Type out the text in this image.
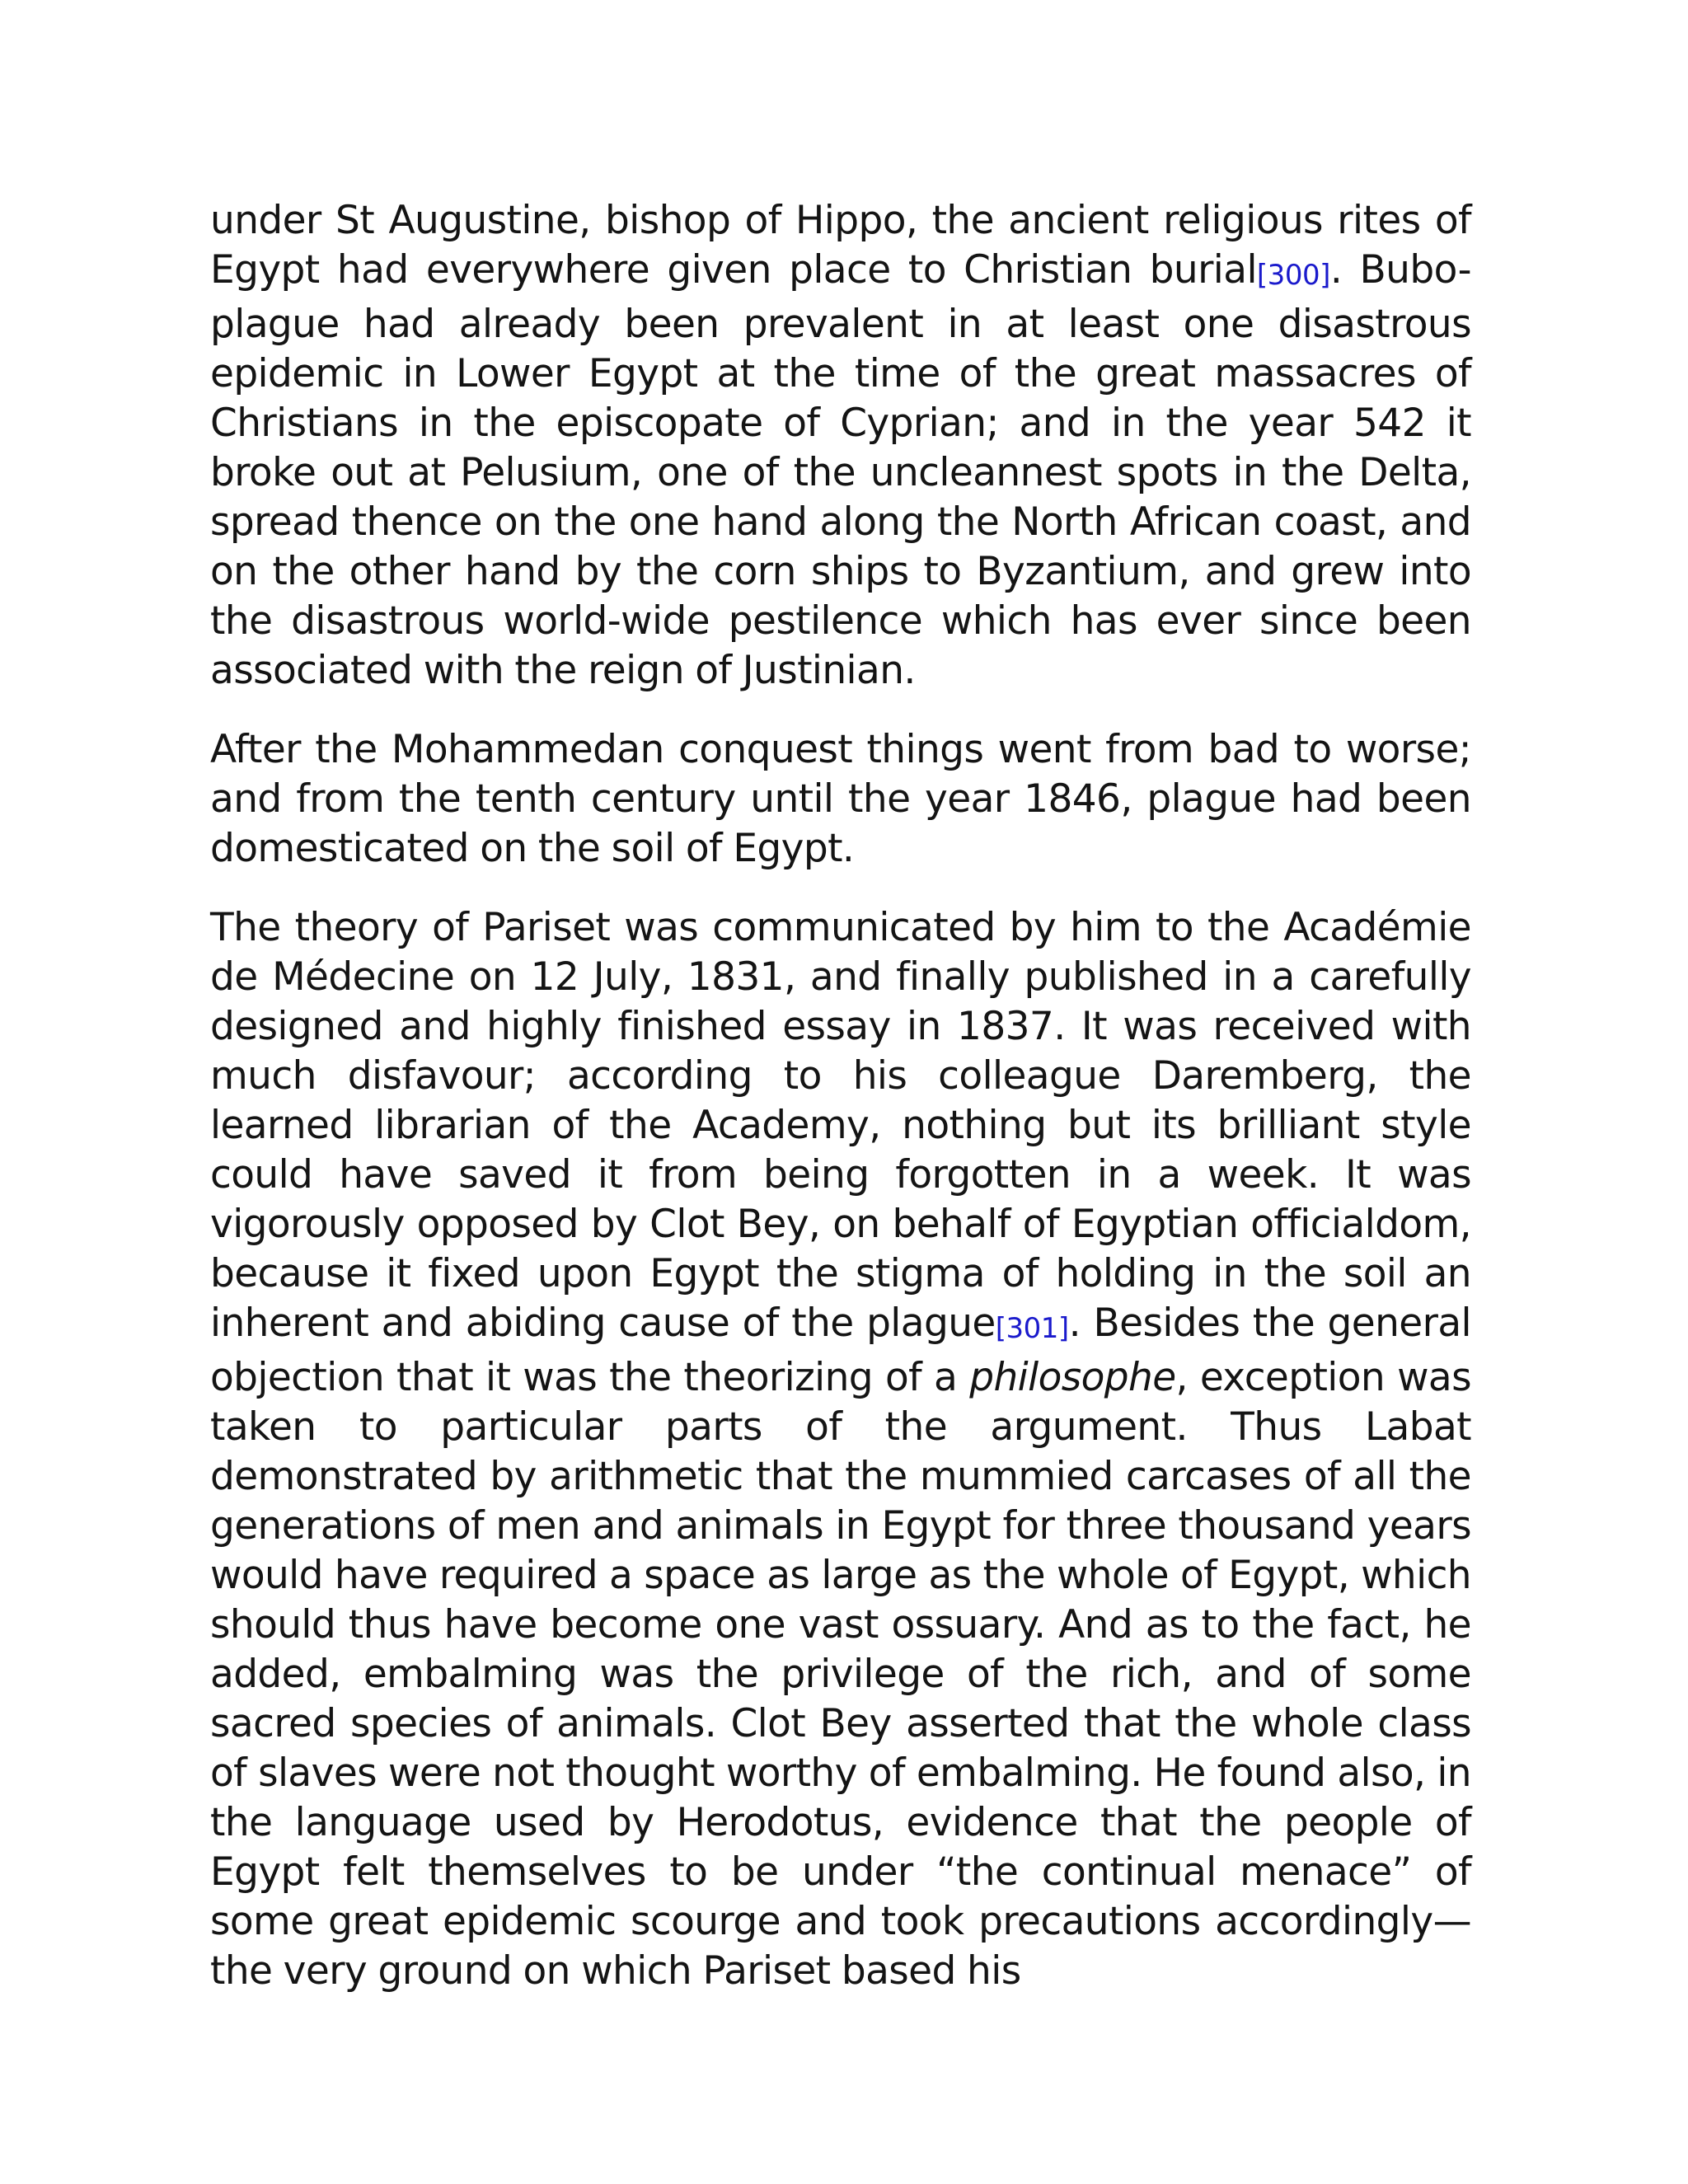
under St Augustine, bishop of Hippo, the ancient religious rites of Egypt had everywhere given place to Christian burial[300]. Bubo-plague had already been prevalent in at least one disastrous epidemic in Lower Egypt at the time of the great massacres of Christians in the episcopate of Cyprian; and in the year 542 it broke out at Pelusium, one of the uncleannest spots in the Delta, spread thence on the one hand along the North African coast, and on the other hand by the corn ships to Byzantium, and grew into the disastrous world-wide pestilence which has ever since been associated with the reign of Justinian.

After the Mohammedan conquest things went from bad to worse; and from the tenth century until the year 1846, plague had been domesticated on the soil of Egypt.

The theory of Pariset was communicated by him to the Académie de Médecine on 12 July, 1831, and finally published in a carefully designed and highly finished essay in 1837. It was received with much disfavour; according to his colleague Daremberg, the learned librarian of the Academy, nothing but its brilliant style could have saved it from being forgotten in a week. It was vigorously opposed by Clot Bey, on behalf of Egyptian officialdom, because it fixed upon Egypt the stigma of holding in the soil an inherent and abiding cause of the plague[301]. Besides the general objection that it was the theorizing of a philosophe, exception was taken to particular parts of the argument. Thus Labat demonstrated by arithmetic that the mummied carcases of all the generations of men and animals in Egypt for three thousand years would have required a space as large as the whole of Egypt, which should thus have become one vast ossuary. And as to the fact, he added, embalming was the privilege of the rich, and of some sacred species of animals. Clot Bey asserted that the whole class of slaves were not thought worthy of embalming. He found also, in the language used by Herodotus, evidence that the people of Egypt felt themselves to be under “the continual menace” of some great epidemic scourge and took precautions accordingly—the very ground on which Pariset based his
